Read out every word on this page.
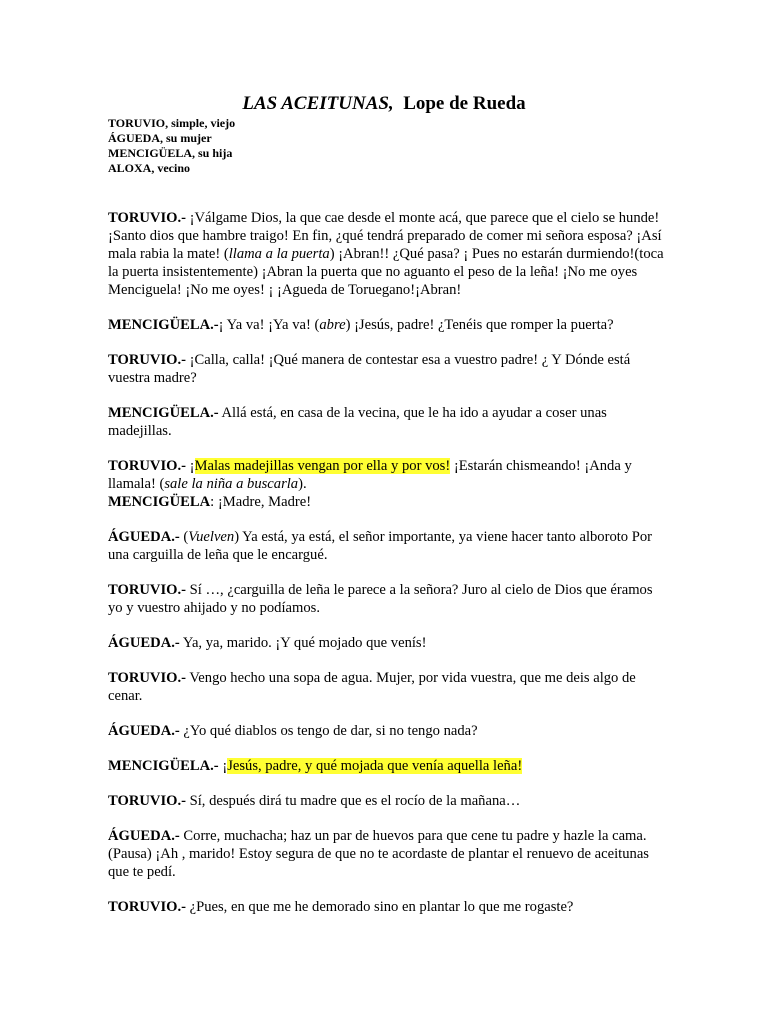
LAS ACEITUNAS, Lope de Rueda
TORUVIO, simple, viejo
ÁGUEDA, su mujer
MENCIGÜELA, su hija
ALOXA, vecino

TORUVIO.- ¡Válgame Dios, la que cae desde el monte acá, que parece que el cielo se hunde! ¡Santo dios que hambre traigo! En fin, ¿qué tendrá preparado de comer mi señora esposa? ¡Así mala rabia la mate! (llama a la puerta) ¡Abran!! ¿Qué pasa? ¡ Pues no estarán durmiendo!(toca la puerta insistentemente) ¡Abran la puerta que no aguanto el peso de la leña! ¡No me oyes Menciguela! ¡No me oyes! ¡ ¡Agueda de Toruegano!¡Abran!

MENCIGÜELA.-¡ Ya va! ¡Ya va! (abre) ¡Jesús, padre! ¿Tenéis que romper la puerta?

TORUVIO.- ¡Calla, calla! ¡Qué manera de contestar esa a vuestro padre! ¿ Y Dónde está vuestra madre?

MENCIGÜELA.- Allá está, en casa de la vecina, que le ha ido a ayudar a coser unas madejillas.

TORUVIO.- ¡Malas madejillas vengan por ella y por vos! ¡Estarán chismeando! ¡Anda y llamala! (sale la niña a buscarla).

MENCIGÜELA: ¡Madre, Madre!

ÁGUEDA.- (Vuelven) Ya está, ya está, el señor importante, ya viene hacer tanto alboroto Por una carguilla de leña que le encargué.

TORUVIO.- Sí …, ¿carguilla de leña le parece a la señora? Juro al cielo de Dios que éramos yo y vuestro ahijado y no podíamos.

ÁGUEDA.- Ya, ya, marido. ¡Y qué mojado que venís!

TORUVIO.- Vengo hecho una sopa de agua. Mujer, por vida vuestra, que me deis algo de cenar.

ÁGUEDA.- ¿Yo qué diablos os tengo de dar, si no tengo nada?

MENCIGÜELA.- ¡Jesús, padre, y qué mojada que venía aquella leña!

TORUVIO.- Sí, después dirá tu madre que es el rocío de la mañana…

ÁGUEDA.- Corre, muchacha; haz un par de huevos para que cene tu padre y hazle la cama. (Pausa) ¡Ah , marido! Estoy segura de que no te acordaste de plantar el renuevo de aceitunas que te pedí.

TORUVIO.- ¿Pues, en que me he demorado sino en plantar lo que me rogaste?
